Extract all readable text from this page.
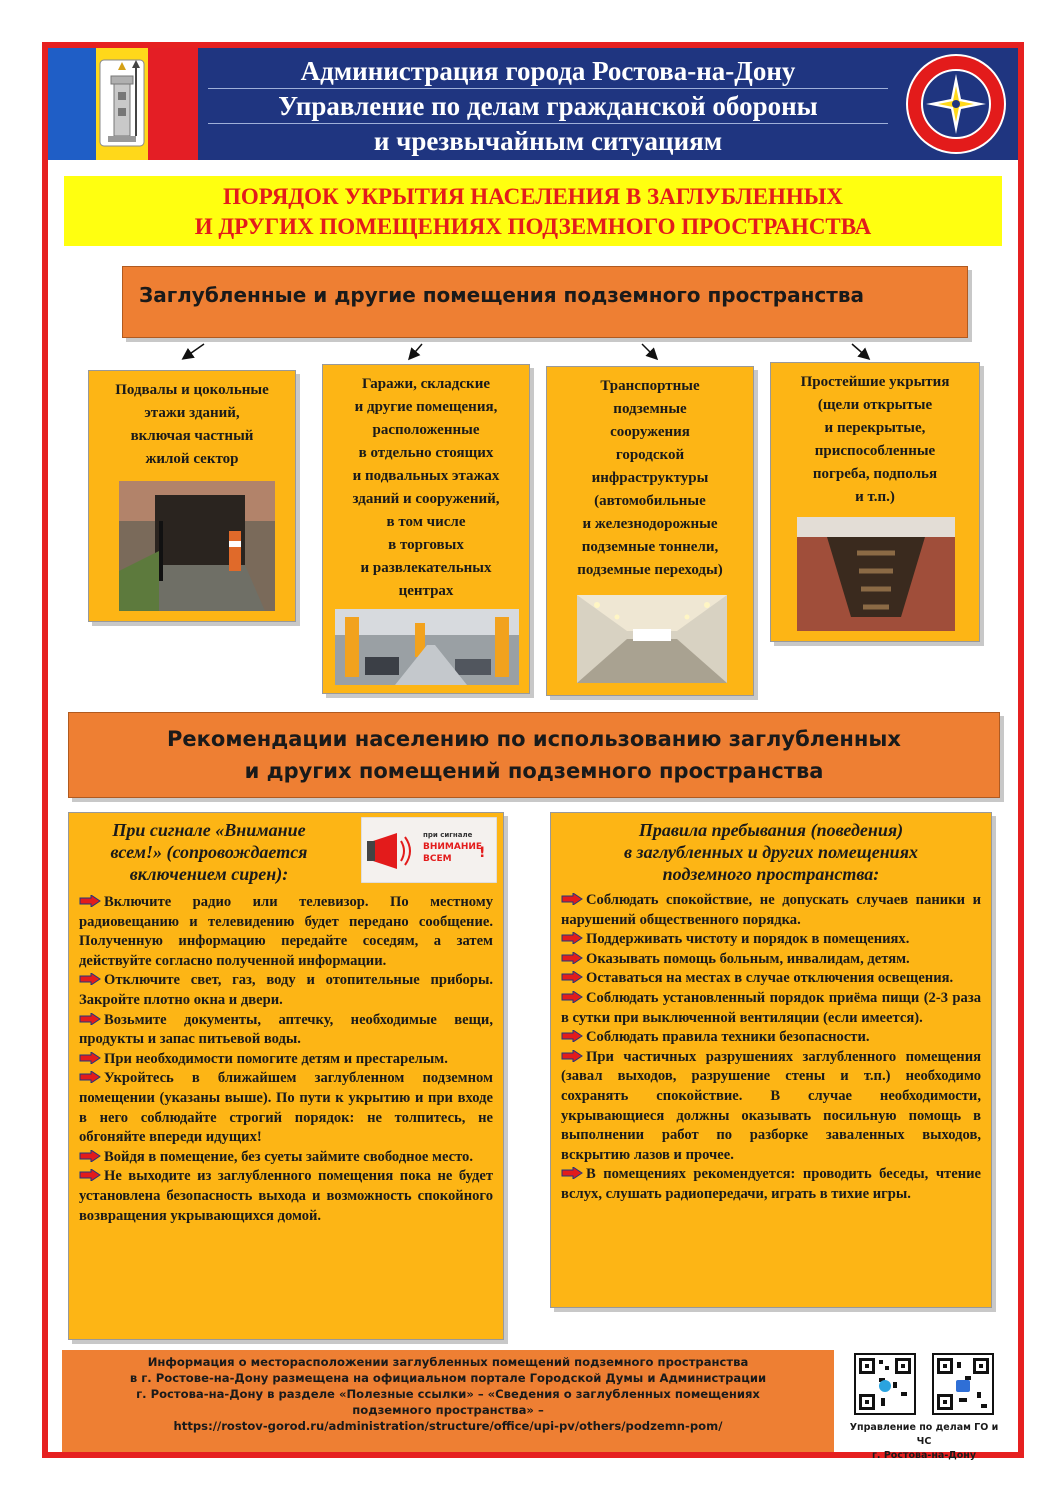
Администрация города Ростова-на-Дону
Управление по делам гражданской обороны
и чрезвычайным ситуациям
ПОРЯДОК УКРЫТИЯ НАСЕЛЕНИЯ В ЗАГЛУБЛЕННЫХ
И ДРУГИХ ПОМЕЩЕНИЯХ ПОДЗЕМНОГО ПРОСТРАНСТВА
Заглубленные и другие помещения подземного пространства
Подвалы и цокольные
этажи зданий,
включая частный
жилой сектор
Гаражи, складские
и другие помещения,
расположенные
в отдельно стоящих
и подвальных этажах
зданий и сооружений,
в том числе
в торговых
и развлекательных
центрах
Транспортные
подземные
сооружения
городской
инфраструктуры
(автомобильные
и железнодорожные
подземные тоннели,
подземные переходы)
Простейшие укрытия
(щели открытые
и перекрытые,
приспособленные
погреба, подполья
и т.п.)
Рекомендации населению по использованию заглубленных
и других помещений подземного пространства
При сигнале «Внимание
всем!» (сопровождается
включением сирен):
при сигнале
ВНИМАНИЕ
ВСЕМ !
Включите радио или телевизор. По местному радиовещанию и телевидению будет передано сообщение. Полученную информацию передайте соседям, а затем действуйте согласно полученной информации.
Отключите свет, газ, воду и отопительные приборы. Закройте плотно окна и двери.
Возьмите документы, аптечку, необходимые вещи, продукты и запас питьевой воды.
При необходимости помогите детям и престарелым.
Укройтесь в ближайшем заглубленном подземном помещении (указаны выше). По пути к укрытию и при входе в него соблюдайте строгий порядок: не толпитесь, не обгоняйте впереди идущих!
Войдя в помещение, без суеты займите свободное место.
Не выходите из заглубленного помещения пока не будет установлена безопасность выхода и возможность спокойного возвращения укрывающихся домой.
Правила пребывания (поведения)
в заглубленных и других помещениях
подземного пространства:
Соблюдать спокойствие, не допускать случаев паники и нарушений общественного порядка.
Поддерживать чистоту и порядок в помещениях.
Оказывать помощь больным, инвалидам, детям.
Оставаться на местах в случае отключения освещения.
Соблюдать установленный порядок приёма пищи (2-3 раза в сутки при выключенной вентиляции (если имеется).
Соблюдать правила техники безопасности.
При частичных разрушениях заглубленного помещения (завал выходов, разрушение стены и т.п.) необходимо сохранять спокойствие. В случае необходимости, укрывающиеся должны оказывать посильную помощь в выполнении работ по разборке заваленных выходов, вскрытию лазов и прочее.
В помещениях рекомендуется: проводить беседы, чтение вслух, слушать радиопередачи, играть в тихие игры.
Информация о месторасположении заглубленных помещений подземного пространства
в г. Ростове-на-Дону размещена на официальном портале Городской Думы и Администрации
г. Ростова-на-Дону в разделе «Полезные ссылки» – «Сведения о заглубленных помещениях
подземного пространства» –
https://rostov-gorod.ru/administration/structure/office/upi-pv/others/podzemn-pom/	Управление по делам ГО и ЧС
г. Ростова-на-Дону
